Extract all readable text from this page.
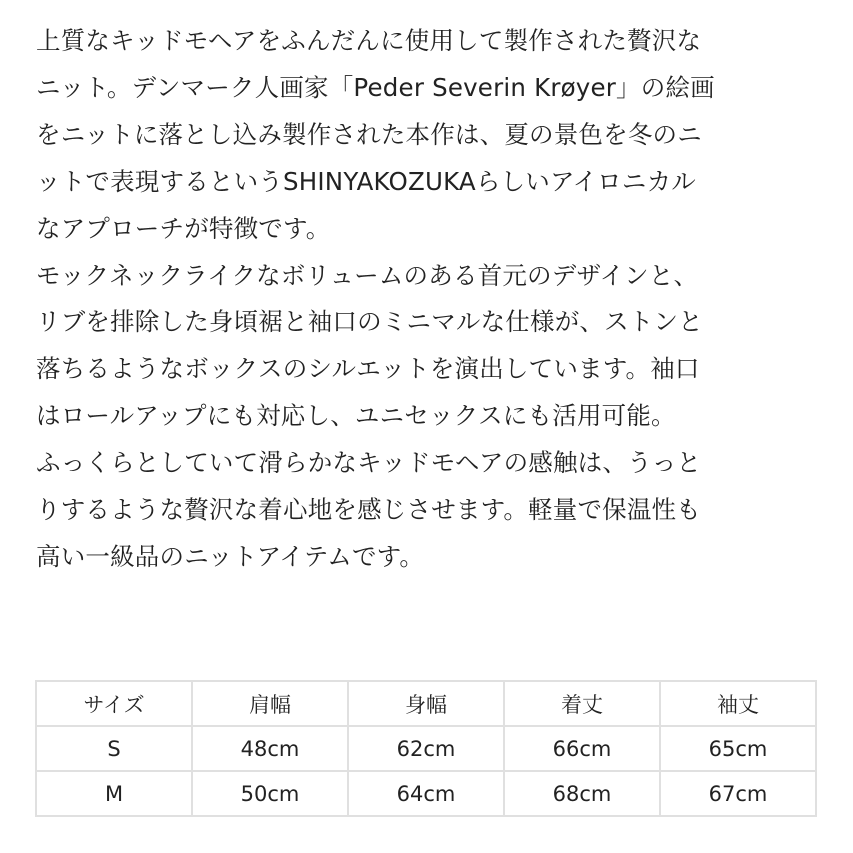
上質なキッドモヘアをふんだんに使用して製作された贅沢な

ニット。デンマーク人画家「Peder Severin Krøyer」の絵画

をニットに落とし込み製作された本作は、夏の景色を冬のニ

ットで表現するというSHINYAKOZUKAらしいアイロニカル

なアプローチが特徴です。

モックネックライクなボリュームのある首元のデザインと、

リブを排除した身頃裾と袖口のミニマルな仕様が、ストンと

落ちるようなボックスのシルエットを演出しています。袖口

はロールアップにも対応し、ユニセックスにも活用可能。

ふっくらとしていて滑らかなキッドモヘアの感触は、うっと

りするような贅沢な着心地を感じさせます。軽量で保温性も

高い一級品のニットアイテムです。

サイズ	肩幅	身幅	着丈	袖丈
S	48cm	62cm	66cm	65cm
M	50cm	64cm	68cm	67cm
